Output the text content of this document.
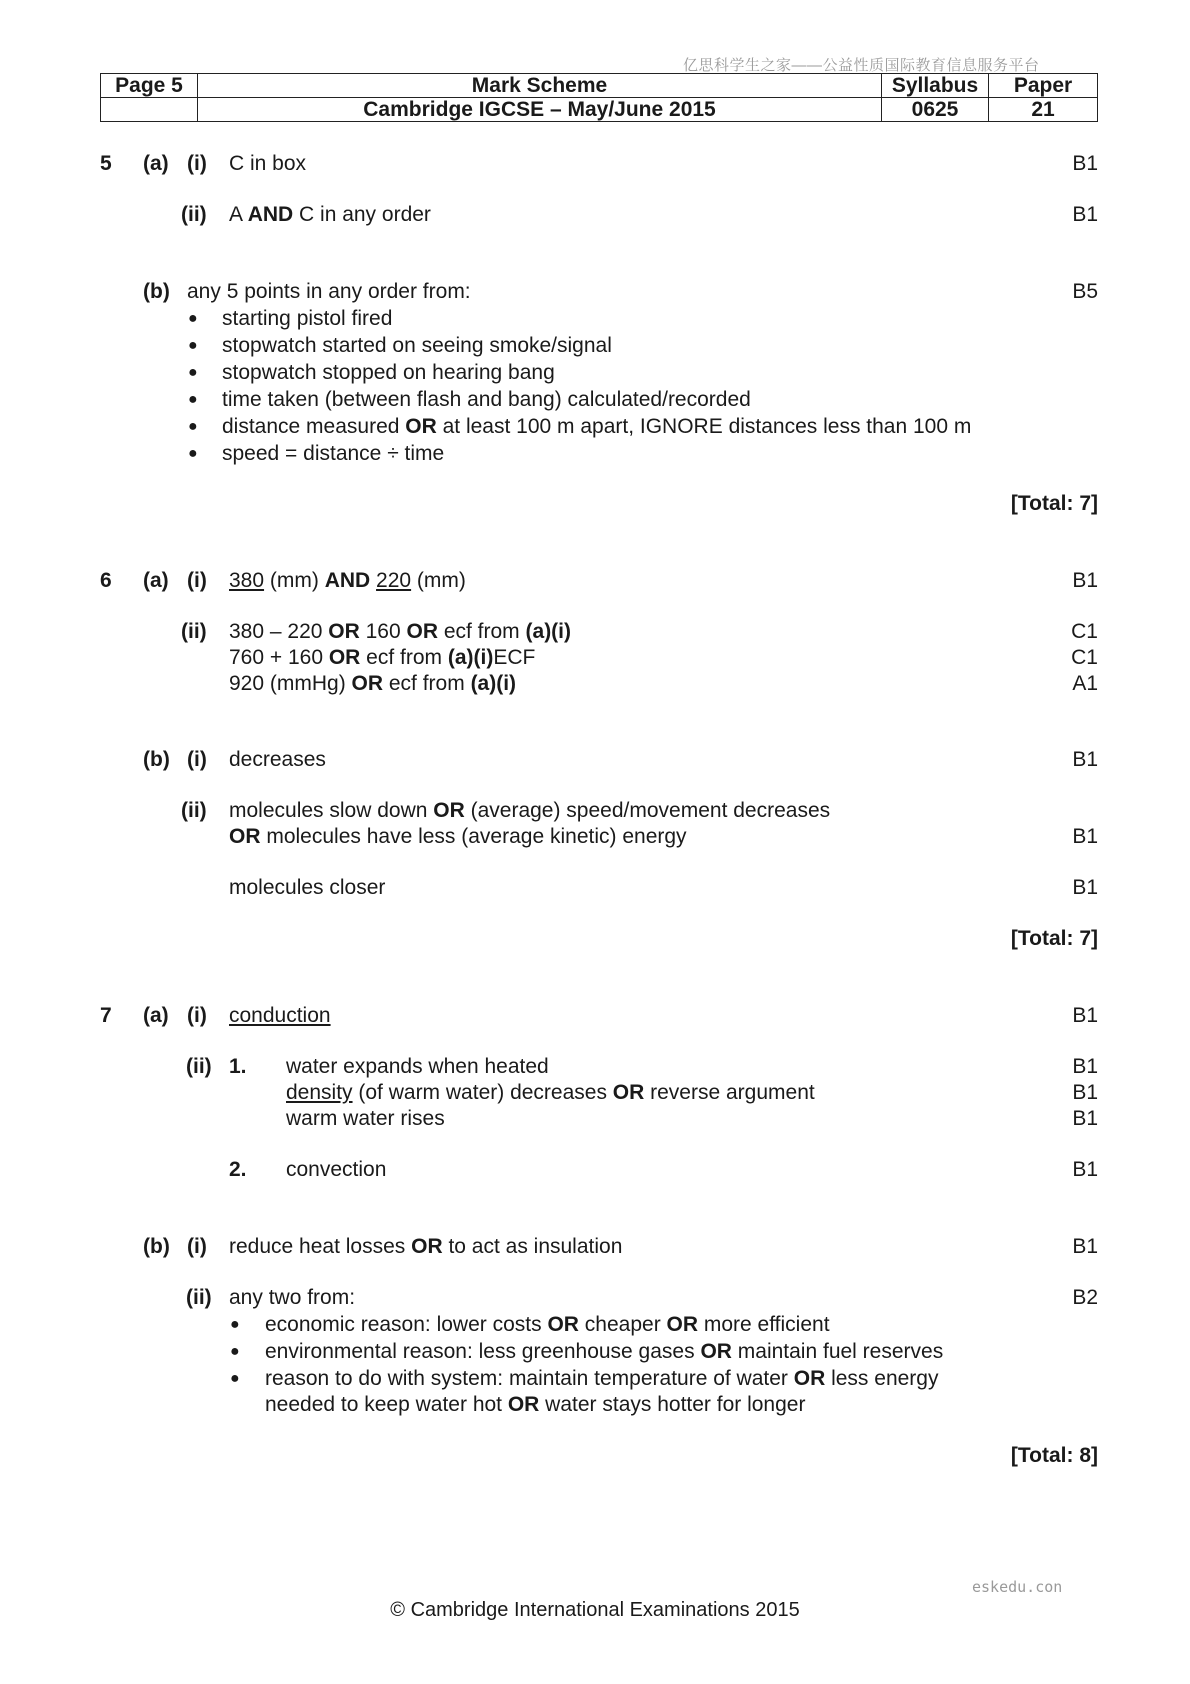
亿思科学生之家——公益性质国际教育信息服务平台
Page 5	Mark Scheme	Syllabus	Paper
	Cambridge IGCSE – May/June 2015	0625	21
5 (a) (i) C in box	B1
(ii) A AND C in any order	B1
(b) any 5 points in any order from:	B5
● starting pistol fired
● stopwatch started on seeing smoke/signal
● stopwatch stopped on hearing bang
● time taken (between flash and bang) calculated/recorded
● distance measured OR at least 100 m apart, IGNORE distances less than 100 m
● speed = distance ÷ time
[Total: 7]
6 (a) (i) 380 (mm) AND 220 (mm)	B1
(ii) 380 – 220 OR 160 OR ecf from (a)(i)	C1
760 + 160 OR ecf from (a)(i)ECF	C1
920 (mmHg) OR ecf from (a)(i)	A1
(b) (i) decreases	B1
(ii) molecules slow down OR (average) speed/movement decreases
OR molecules have less (average kinetic) energy	B1
molecules closer	B1
[Total: 7]
7 (a) (i) conduction	B1
(ii) 1. water expands when heated	B1
density (of warm water) decreases OR reverse argument	B1
warm water rises	B1
2. convection	B1
(b) (i) reduce heat losses OR to act as insulation	B1
(ii) any two from:	B2
● economic reason: lower costs OR cheaper OR more efficient
● environmental reason: less greenhouse gases OR maintain fuel reserves
● reason to do with system: maintain temperature of water OR less energy
needed to keep water hot OR water stays hotter for longer
[Total: 8]
eskedu.con
© Cambridge International Examinations 2015
